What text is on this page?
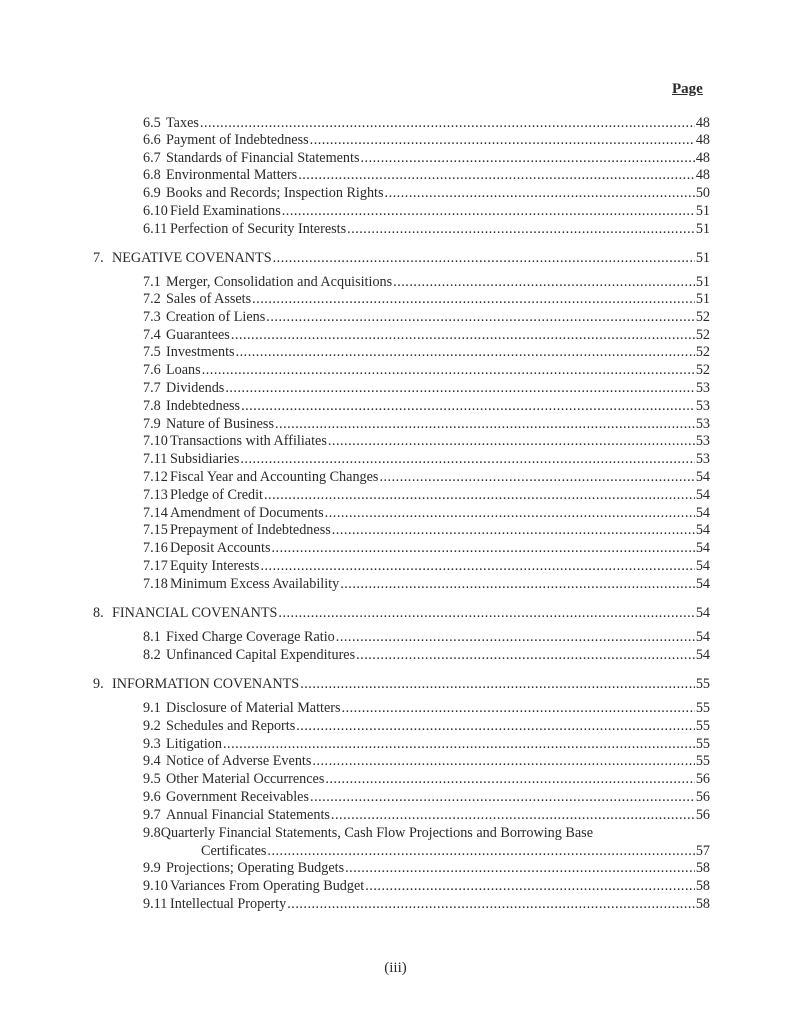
Page
6.5 Taxes .....	48
6.6 Payment of Indebtedness .....	48
6.7 Standards of Financial Statements .....	48
6.8 Environmental Matters .....	48
6.9 Books and Records; Inspection Rights .....	50
6.10 Field Examinations .....	51
6.11 Perfection of Security Interests .....	51
7. NEGATIVE COVENANTS .....	51
7.1 Merger, Consolidation and Acquisitions .....	51
7.2 Sales of Assets .....	51
7.3 Creation of Liens .....	52
7.4 Guarantees .....	52
7.5 Investments .....	52
7.6 Loans .....	52
7.7 Dividends .....	53
7.8 Indebtedness .....	53
7.9 Nature of Business .....	53
7.10 Transactions with Affiliates .....	53
7.11 Subsidiaries .....	53
7.12 Fiscal Year and Accounting Changes .....	54
7.13 Pledge of Credit .....	54
7.14 Amendment of Documents .....	54
7.15 Prepayment of Indebtedness .....	54
7.16 Deposit Accounts .....	54
7.17 Equity Interests .....	54
7.18 Minimum Excess Availability .....	54
8. FINANCIAL COVENANTS .....	54
8.1 Fixed Charge Coverage Ratio .....	54
8.2 Unfinanced Capital Expenditures .....	54
9. INFORMATION COVENANTS .....	55
9.1 Disclosure of Material Matters .....	55
9.2 Schedules and Reports .....	55
9.3 Litigation .....	55
9.4 Notice of Adverse Events .....	55
9.5 Other Material Occurrences .....	56
9.6 Government Receivables .....	56
9.7 Annual Financial Statements .....	56
9.8Quarterly Financial Statements, Cash Flow Projections and Borrowing Base
Certificates .....	57
9.9 Projections; Operating Budgets .....	58
9.10 Variances From Operating Budget .....	58
9.11 Intellectual Property .....	58
(iii)
